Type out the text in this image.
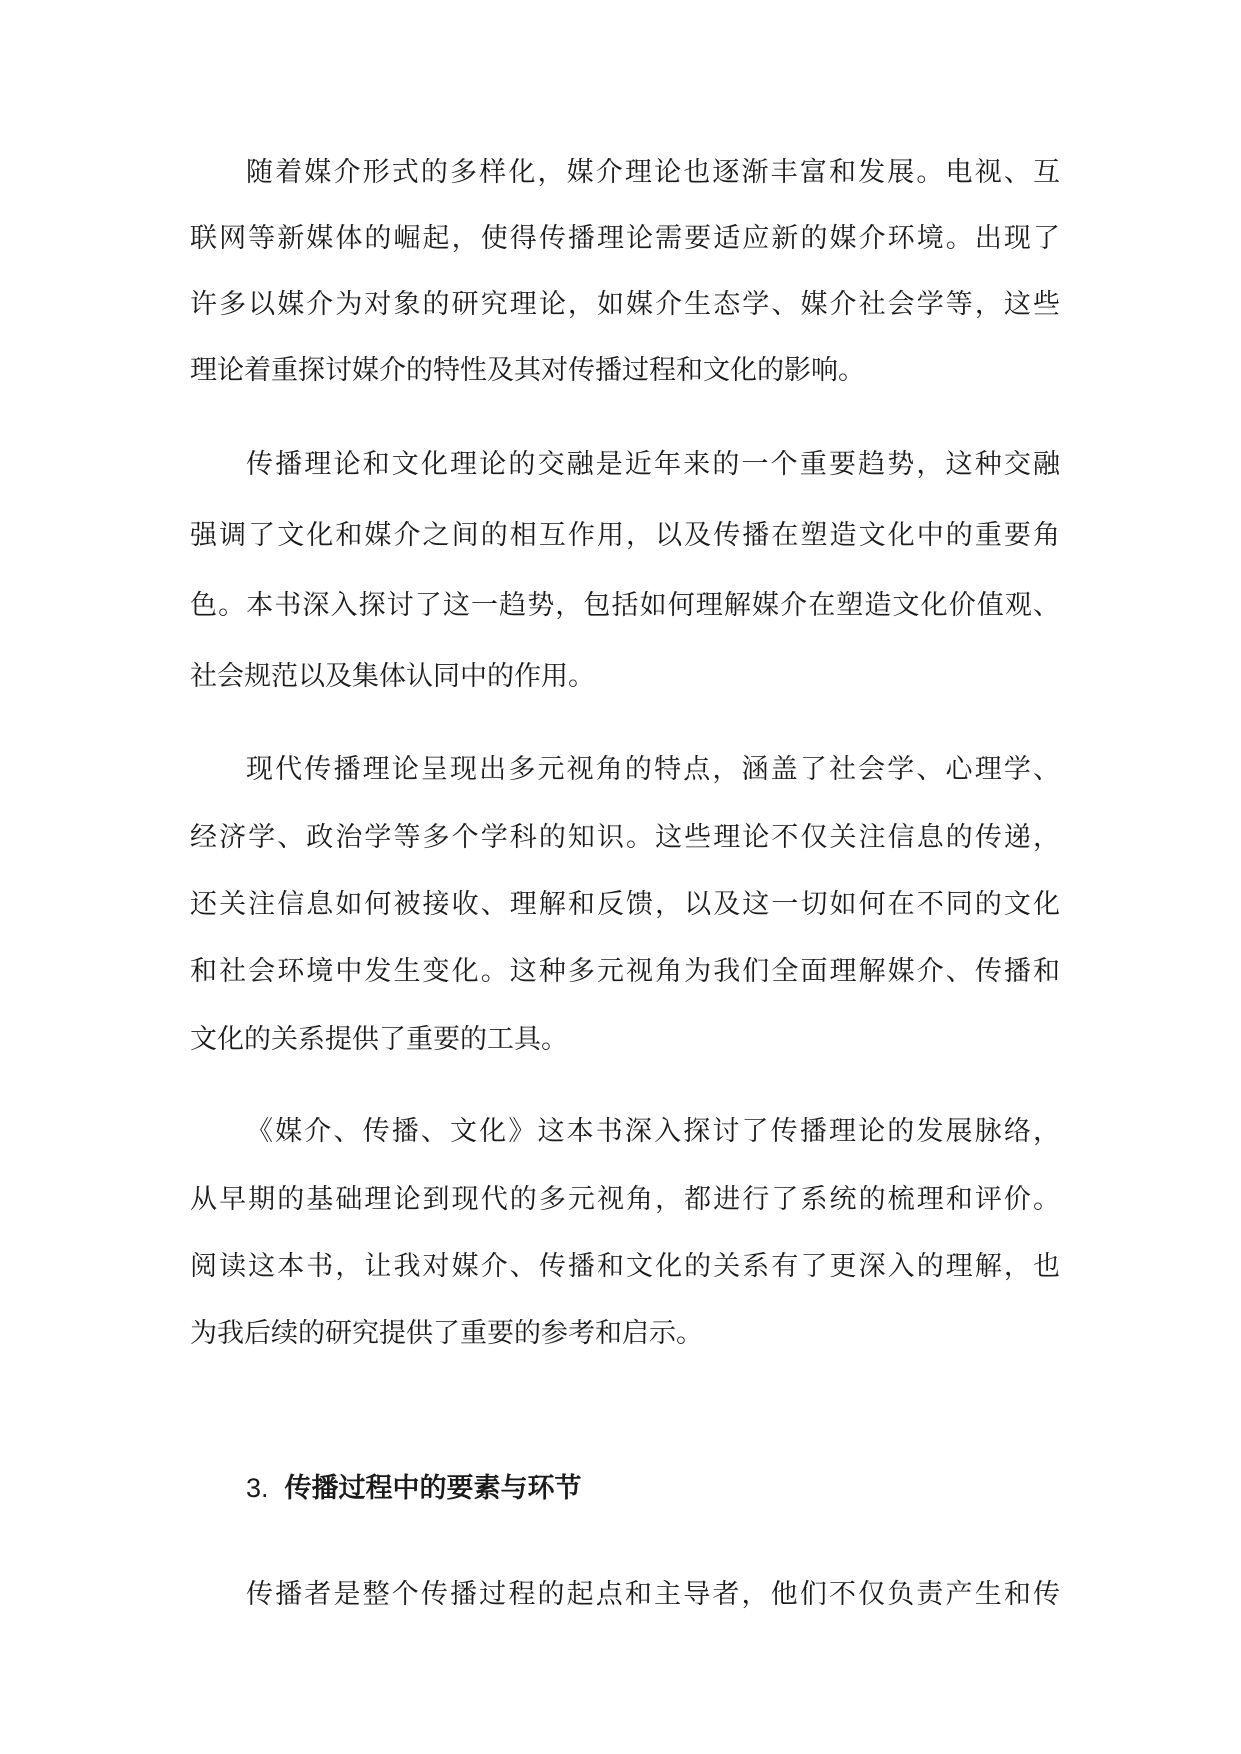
随着媒介形式的多样化，媒介理论也逐渐丰富和发展。电视、互
联网等新媒体的崛起，使得传播理论需要适应新的媒介环境。出现了
许多以媒介为对象的研究理论，如媒介生态学、媒介社会学等，这些
理论着重探讨媒介的特性及其对传播过程和文化的影响。
传播理论和文化理论的交融是近年来的一个重要趋势，这种交融
强调了文化和媒介之间的相互作用，以及传播在塑造文化中的重要角
色。本书深入探讨了这一趋势，包括如何理解媒介在塑造文化价值观、
社会规范以及集体认同中的作用。
现代传播理论呈现出多元视角的特点，涵盖了社会学、心理学、
经济学、政治学等多个学科的知识。这些理论不仅关注信息的传递，
还关注信息如何被接收、理解和反馈，以及这一切如何在不同的文化
和社会环境中发生变化。这种多元视角为我们全面理解媒介、传播和
文化的关系提供了重要的工具。
《媒介、传播、文化》这本书深入探讨了传播理论的发展脉络，
从早期的基础理论到现代的多元视角，都进行了系统的梳理和评价。
阅读这本书，让我对媒介、传播和文化的关系有了更深入的理解，也
为我后续的研究提供了重要的参考和启示。
3. 传播过程中的要素与环节
传播者是整个传播过程的起点和主导者，他们不仅负责产生和传
